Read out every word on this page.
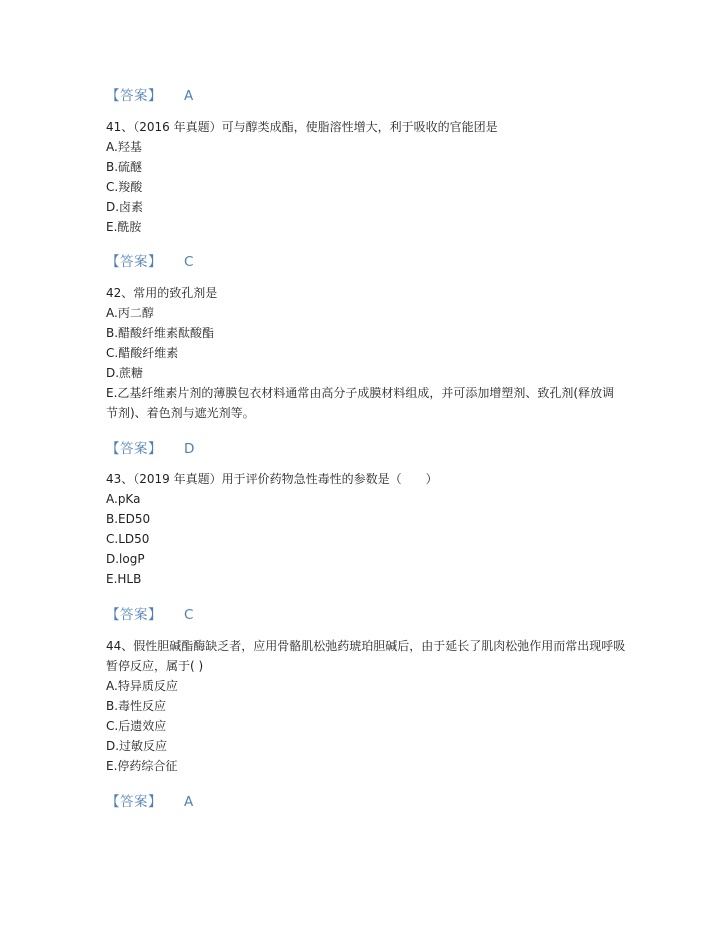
【答案】 A
41、（2016 年真题）可与醇类成酯，使脂溶性增大，利于吸收的官能团是
A.羟基
B.硫醚
C.羧酸
D.卤素
E.酰胺
【答案】 C
42、常用的致孔剂是
A.丙二醇
B.醋酸纤维素酞酸酯
C.醋酸纤维素
D.蔗糖
E.乙基纤维素片剂的薄膜包衣材料通常由高分子成膜材料组成，并可添加增塑剂、致孔剂(释放调节剂)、着色剂与遮光剂等。
【答案】 D
43、（2019 年真题）用于评价药物急性毒性的参数是（　　）
A.pKa
B.ED50
C.LD50
D.logP
E.HLB
【答案】 C
44、假性胆碱酯酶缺乏者，应用骨骼肌松弛药琥珀胆碱后，由于延长了肌肉松弛作用而常出现呼吸暂停反应，属于( )
A.特异质反应
B.毒性反应
C.后遗效应
D.过敏反应
E.停药综合征
【答案】 A
